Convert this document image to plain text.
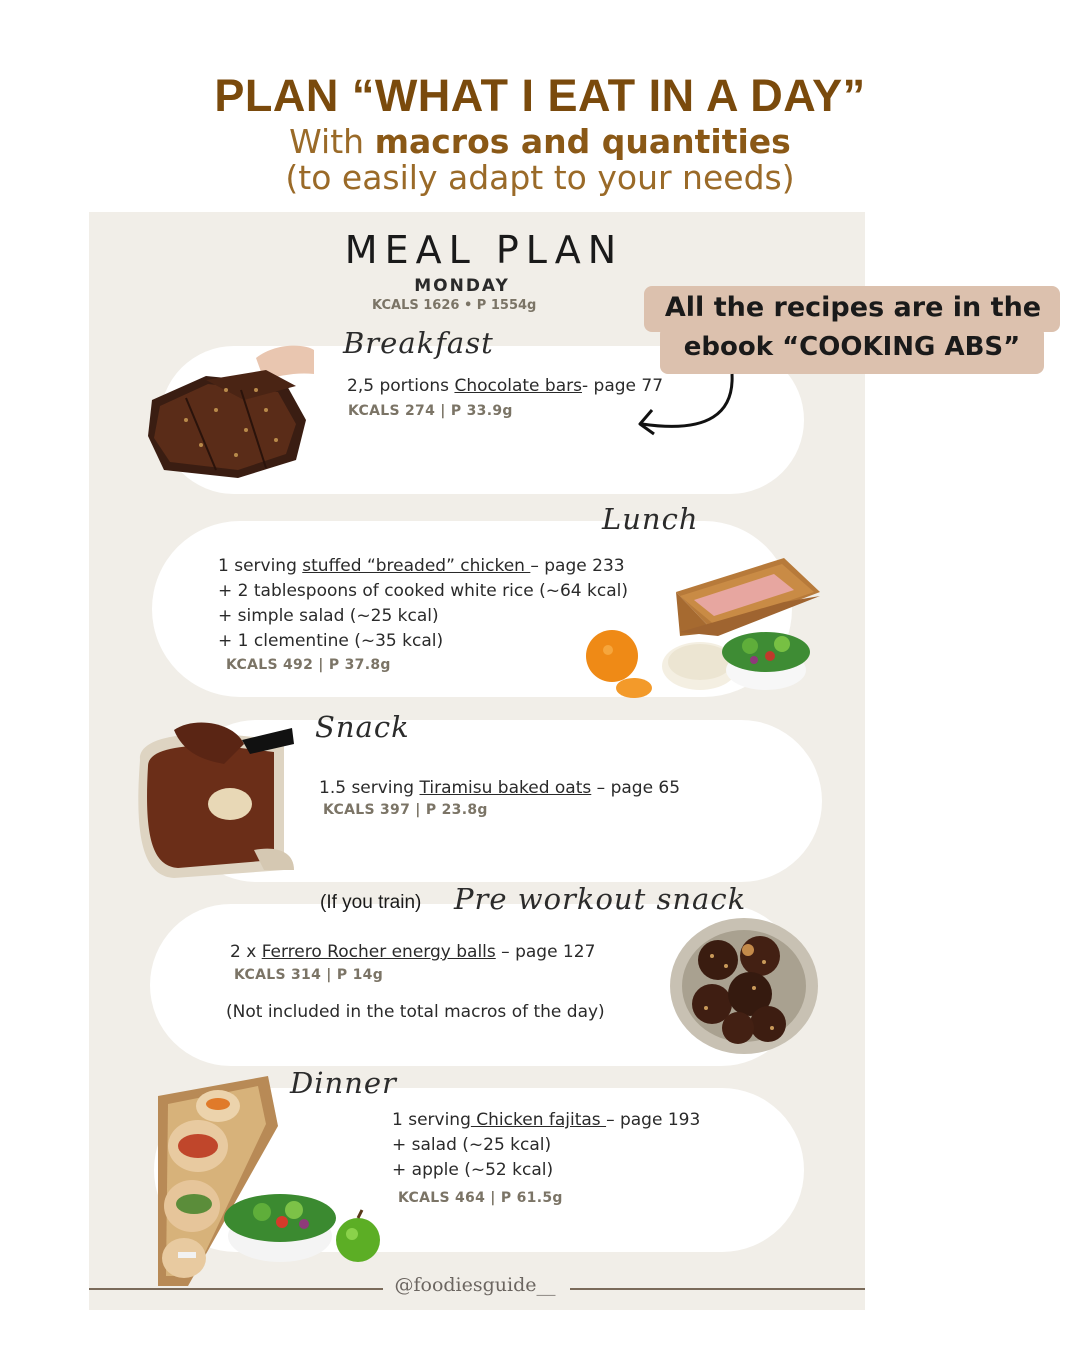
PLAN “WHAT I EAT IN A DAY”
With macros and quantities
(to easily adapt to your needs)
MEAL PLAN
MONDAY
KCALS 1626 • P 1554g
Breakfast
2,5 portions Chocolate bars- page 77
KCALS 274 | P 33.9g
All the recipes are in the
ebook “COOKING ABS”
Lunch
1 serving stuffed “breaded” chicken – page 233
+ 2 tablespoons of cooked white rice (~64 kcal)
+ simple salad (~25 kcal)
+ 1 clementine (~35 kcal)
KCALS 492 | P 37.8g
Snack
1.5 serving Tiramisu baked oats – page 65
KCALS 397 | P 23.8g
(If you train) Pre workout snack
2 x Ferrero Rocher energy balls – page 127
KCALS 314 | P 14g
(Not included in the total macros of the day)
Dinner
1 serving Chicken fajitas – page 193
+ salad (~25 kcal)
+ apple (~52 kcal)
KCALS 464 | P 61.5g
@foodiesguide__
